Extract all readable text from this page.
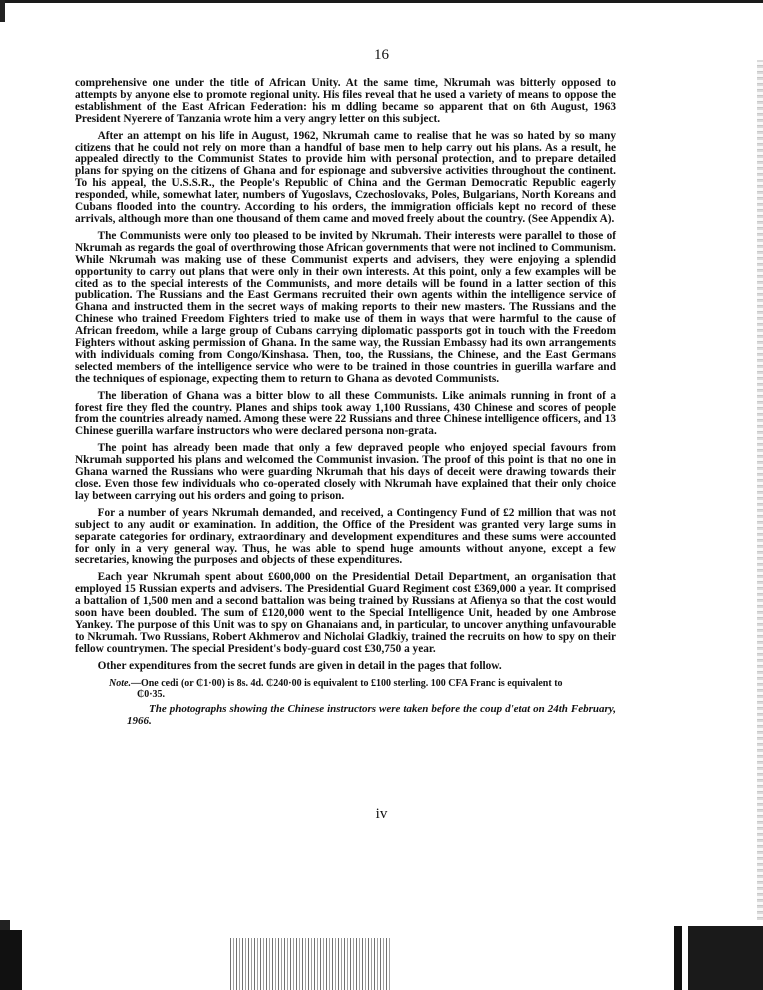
16

comprehensive one under the title of African Unity. At the same time, Nkrumah was bitterly opposed to attempts by anyone else to promote regional unity. His files reveal that he used a variety of means to oppose the establishment of the East African Federation: his m ddling became so apparent that on 6th August, 1963 President Nyerere of Tanzania wrote him a very angry letter on this subject.

After an attempt on his life in August, 1962, Nkrumah came to realise that he was so hated by so many citizens that he could not rely on more than a handful of base men to help carry out his plans. As a result, he appealed directly to the Communist States to provide him with personal protection, and to prepare detailed plans for spying on the citizens of Ghana and for espionage and subversive activities throughout the continent. To his appeal, the U.S.S.R., the People's Republic of China and the German Democratic Republic eagerly responded, while, somewhat later, numbers of Yugoslavs, Czechoslovaks, Poles, Bulgarians, North Koreans and Cubans flooded into the country. According to his orders, the immigration officials kept no record of these arrivals, although more than one thousand of them came and moved freely about the country. (See Appendix A).

The Communists were only too pleased to be invited by Nkrumah. Their interests were parallel to those of Nkrumah as regards the goal of overthrowing those African governments that were not inclined to Communism. While Nkrumah was making use of these Communist experts and advisers, they were enjoying a splendid opportunity to carry out plans that were only in their own interests. At this point, only a few examples will be cited as to the special interests of the Communists, and more details will be found in a latter section of this publication. The Russians and the East Germans recruited their own agents within the intelligence service of Ghana and instructed them in the secret ways of making reports to their new masters. The Russians and the Chinese who trained Freedom Fighters tried to make use of them in ways that were harmful to the cause of African freedom, while a large group of Cubans carrying diplomatic passports got in touch with the Freedom Fighters without asking permission of Ghana. In the same way, the Russian Embassy had its own arrangements with individuals coming from Congo/Kinshasa. Then, too, the Russians, the Chinese, and the East Germans selected members of the intelligence service who were to be trained in those countries in guerilla warfare and the techniques of espionage, expecting them to return to Ghana as devoted Communists.

The liberation of Ghana was a bitter blow to all these Communists. Like animals running in front of a forest fire they fled the country. Planes and ships took away 1,100 Russians, 430 Chinese and scores of people from the countries already named. Among these were 22 Russians and three Chinese intelligence officers, and 13 Chinese guerilla warfare instructors who were declared persona non-grata.

The point has already been made that only a few depraved people who enjoyed special favours from Nkrumah supported his plans and welcomed the Communist invasion. The proof of this point is that no one in Ghana warned the Russians who were guarding Nkrumah that his days of deceit were drawing towards their close. Even those few individuals who co-operated closely with Nkrumah have explained that their only choice lay between carrying out his orders and going to prison.

For a number of years Nkrumah demanded, and received, a Contingency Fund of £2 million that was not subject to any audit or examination. In addition, the Office of the President was granted very large sums in separate categories for ordinary, extraordinary and development expenditures and these sums were accounted for only in a very general way. Thus, he was able to spend huge amounts without anyone, except a few secretaries, knowing the purposes and objects of these expenditures.

Each year Nkrumah spent about £600,000 on the Presidential Detail Department, an organisation that employed 15 Russian experts and advisers. The Presidential Guard Regiment cost £369,000 a year. It comprised a battalion of 1,500 men and a second battalion was being trained by Russians at Afienya so that the cost would soon have been doubled. The sum of £120,000 went to the Special Intelligence Unit, headed by one Ambrose Yankey. The purpose of this Unit was to spy on Ghanaians and, in particular, to uncover anything unfavourable to Nkrumah. Two Russians, Robert Akhmerov and Nicholai Gladkiy, trained the recruits on how to spy on their fellow countrymen. The special President's body-guard cost £30,750 a year.

Other expenditures from the secret funds are given in detail in the pages that follow.

Note.—One cedi (or ₵1·00) is 8s. 4d. ₵240·00 is equivalent to £100 sterling. 100 CFA Franc is equivalent to

₵0·35.

The photographs showing the Chinese instructors were taken before the coup d'etat on 24th February, 1966.

iv
